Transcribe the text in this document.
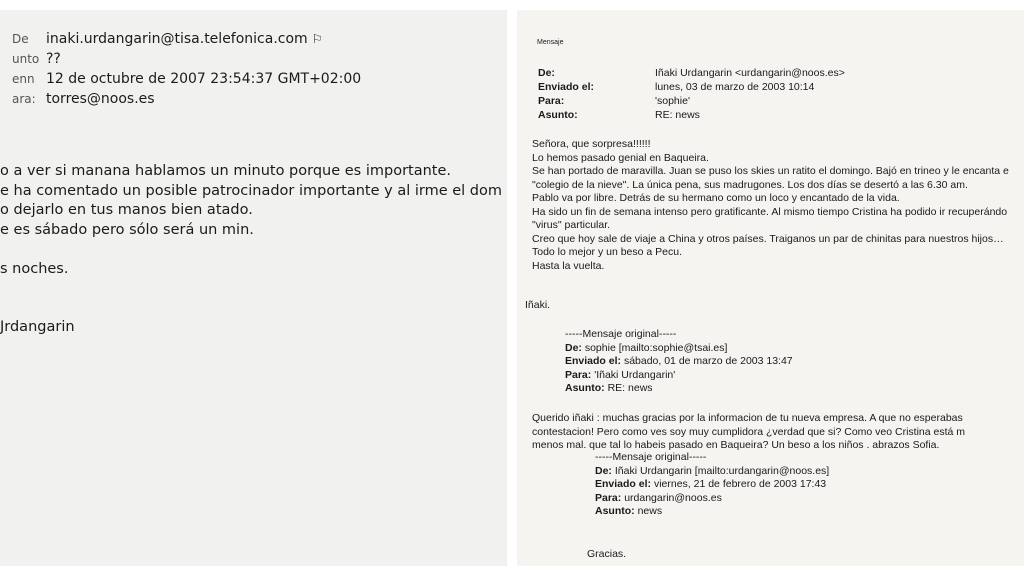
De	inaki.urdangarin@tisa.telefonica.com ⚐
unto ??
enn 12 de octubre de 2007 23:54:37 GMT+02:00
ara: torres@noos.es
o a ver si manana hablamos un minuto porque es importante.
e ha comentado un posible patrocinador importante y al irme el dom
o dejarlo en tus manos bien atado.
e es sábado pero sólo será un min.
s noches.
Jrdangarin
Mensaje
De:	Iñaki Urdangarin <urdangarin@noos.es>
Enviado el:	lunes, 03 de marzo de 2003 10:14
Para:	'sophie'
Asunto:	RE: news
Señora, que sorpresa!!!!!!
Lo hemos pasado genial en Baqueira.
Se han portado de maravilla. Juan se puso los skies un ratito el domingo. Bajó en trineo y le encanta e
"colegio de la nieve". La única pena, sus madrugones. Los dos días se desertó a las 6.30 am.
Pablo va por libre. Detrás de su hermano como un loco y encantado de la vida.
Ha sido un fin de semana intenso pero gratificante. Al mismo tiempo Cristina ha podido ir recuperándo
"virus" particular.
Creo que hoy sale de viaje a China y otros países. Traiganos un par de chinitas para nuestros hijos…
Todo lo mejor y un beso a Pecu.
Hasta la vuelta.
Iñaki.
-----Mensaje original-----
De: sophie [mailto:sophie@tsai.es]
Enviado el: sábado, 01 de marzo de 2003 13:47
Para: 'Iñaki Urdangarin'
Asunto: RE: news
Querido iñaki : muchas gracias por la informacion de tu nueva empresa. A que no esperabas
contestacion! Pero como ves soy muy cumplidora ¿verdad que si? Como veo Cristina está m
menos mal. que tal lo habeis pasado en Baqueira? Un beso a los niños . abrazos Sofia.
-----Mensaje original-----
De: Iñaki Urdangarin [mailto:urdangarin@noos.es]
Enviado el: viernes, 21 de febrero de 2003 17:43
Para: urdangarin@noos.es
Asunto: news
Gracias.
